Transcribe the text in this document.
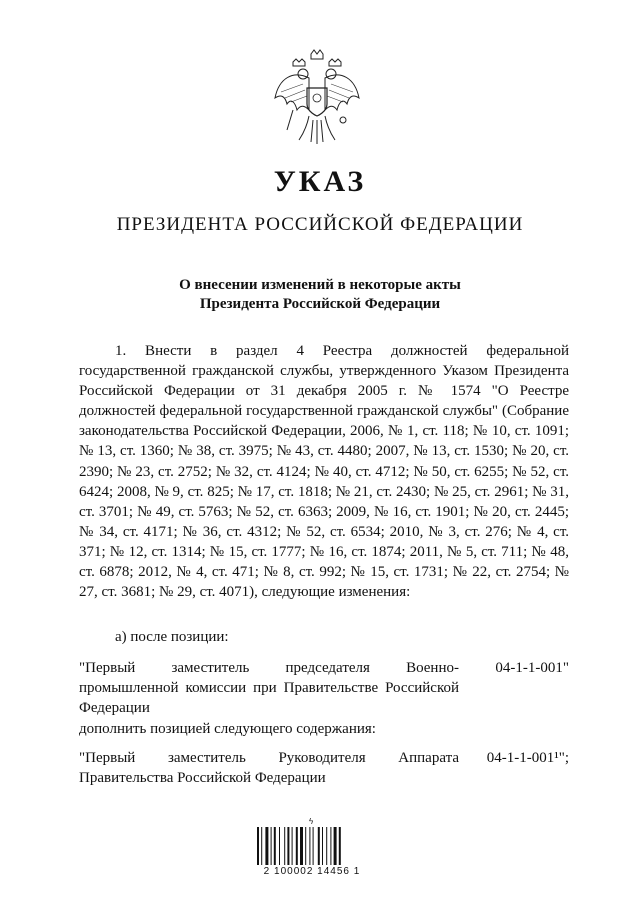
УКАЗ
ПРЕЗИДЕНТА РОССИЙСКОЙ ФЕДЕРАЦИИ
О внесении изменений в некоторые акты
Президента Российской Федерации
1. Внести в раздел 4 Реестра должностей федеральной государственной гражданской службы, утвержденного Указом Президента Российской Федерации от 31 декабря 2005 г. № 1574 "О Реестре должностей федеральной государственной гражданской службы" (Собрание законодательства Российской Федерации, 2006, № 1, ст. 118; № 10, ст. 1091; № 13, ст. 1360; № 38, ст. 3975; № 43, ст. 4480; 2007, № 13, ст. 1530; № 20, ст. 2390; № 23, ст. 2752; № 32, ст. 4124; № 40, ст. 4712; № 50, ст. 6255; № 52, ст. 6424; 2008, № 9, ст. 825; № 17, ст. 1818; № 21, ст. 2430; № 25, ст. 2961; № 31, ст. 3701; № 49, ст. 5763; № 52, ст. 6363; 2009, № 16, ст. 1901; № 20, ст. 2445; № 34, ст. 4171; № 36, ст. 4312; № 52, ст. 6534; 2010, № 3, ст. 276; № 4, ст. 371; № 12, ст. 1314; № 15, ст. 1777; № 16, ст. 1874; 2011, № 5, ст. 711; № 48, ст. 6878; 2012, № 4, ст. 471; № 8, ст. 992; № 15, ст. 1731; № 22, ст. 2754; № 27, ст. 3681; № 29, ст. 4071), следующие изменения:
а) после позиции:
"Первый заместитель председателя Военно-промышленной комиссии при Правительстве Российской Федерации
04-1-1-001"
дополнить позицией следующего содержания:
"Первый заместитель Руководителя Аппарата Правительства Российской Федерации
04-1-1-001¹";
ϟ
2 100002 14456 1
